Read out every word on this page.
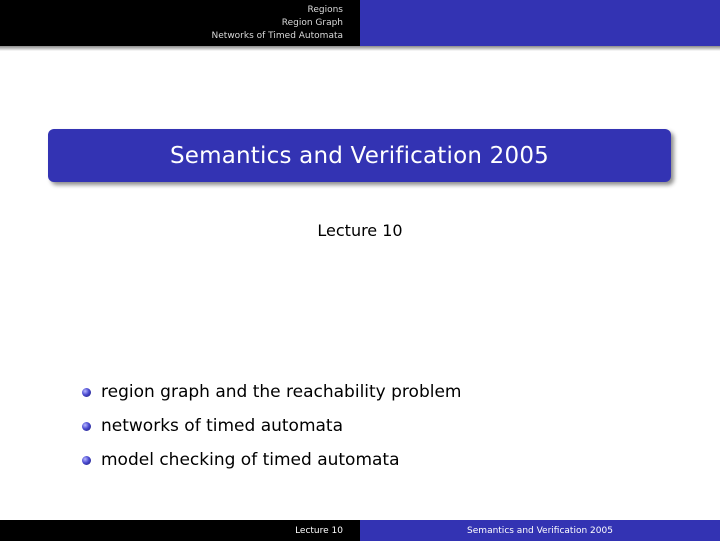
Regions
Region Graph
Networks of Timed Automata
Semantics and Verification 2005
Lecture 10
region graph and the reachability problem
networks of timed automata
model checking of timed automata
Lecture 10	Semantics and Verification 2005
